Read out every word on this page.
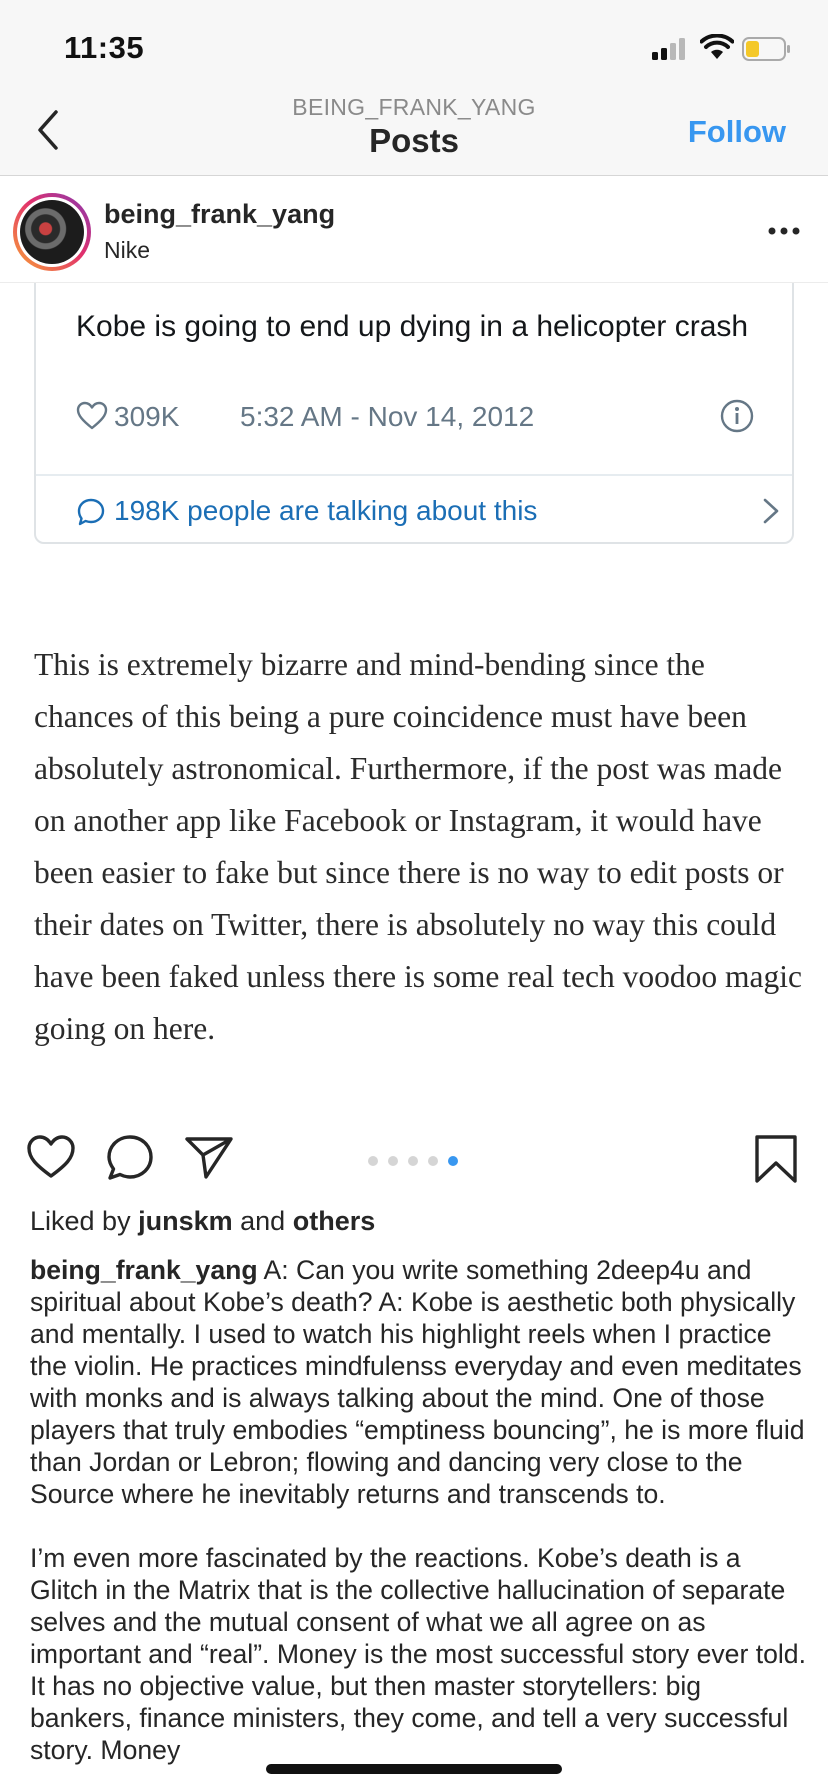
11:35
BEING_FRANK_YANG
Posts	Follow
being_frank_yang
Nike
Kobe is going to end up dying in a helicopter crash
309K 5:32 AM - Nov 14, 2012
198K people are talking about this
This is extremely bizarre and mind-bending since the chances of this being a pure coincidence must have been absolutely astronomical. Furthermore, if the post was made on another app like Facebook or Instagram, it would have been easier to fake but since there is no way to edit posts or their dates on Twitter, there is absolutely no way this could have been faked unless there is some real tech voodoo magic going on here.
Liked by junskm and others

being_frank_yang A: Can you write something 2deep4u and spiritual about Kobe’s death? A: Kobe is aesthetic both physically and mentally. I used to watch his highlight reels when I practice the violin. He practices mindfulenss everyday and even meditates with monks and is always talking about the mind. One of those players that truly embodies “emptiness bouncing”, he is more fluid than Jordan or Lebron; flowing and dancing very close to the Source where he inevitably returns and transcends to.

I’m even more fascinated by the reactions. Kobe’s death is a Glitch in the Matrix that is the collective hallucination of separate selves and the mutual consent of what we all agree on as important and “real”. Money is the most successful story ever told. It has no objective value, but then master storytellers: big bankers, finance ministers, they come, and tell a very successful story. Money
